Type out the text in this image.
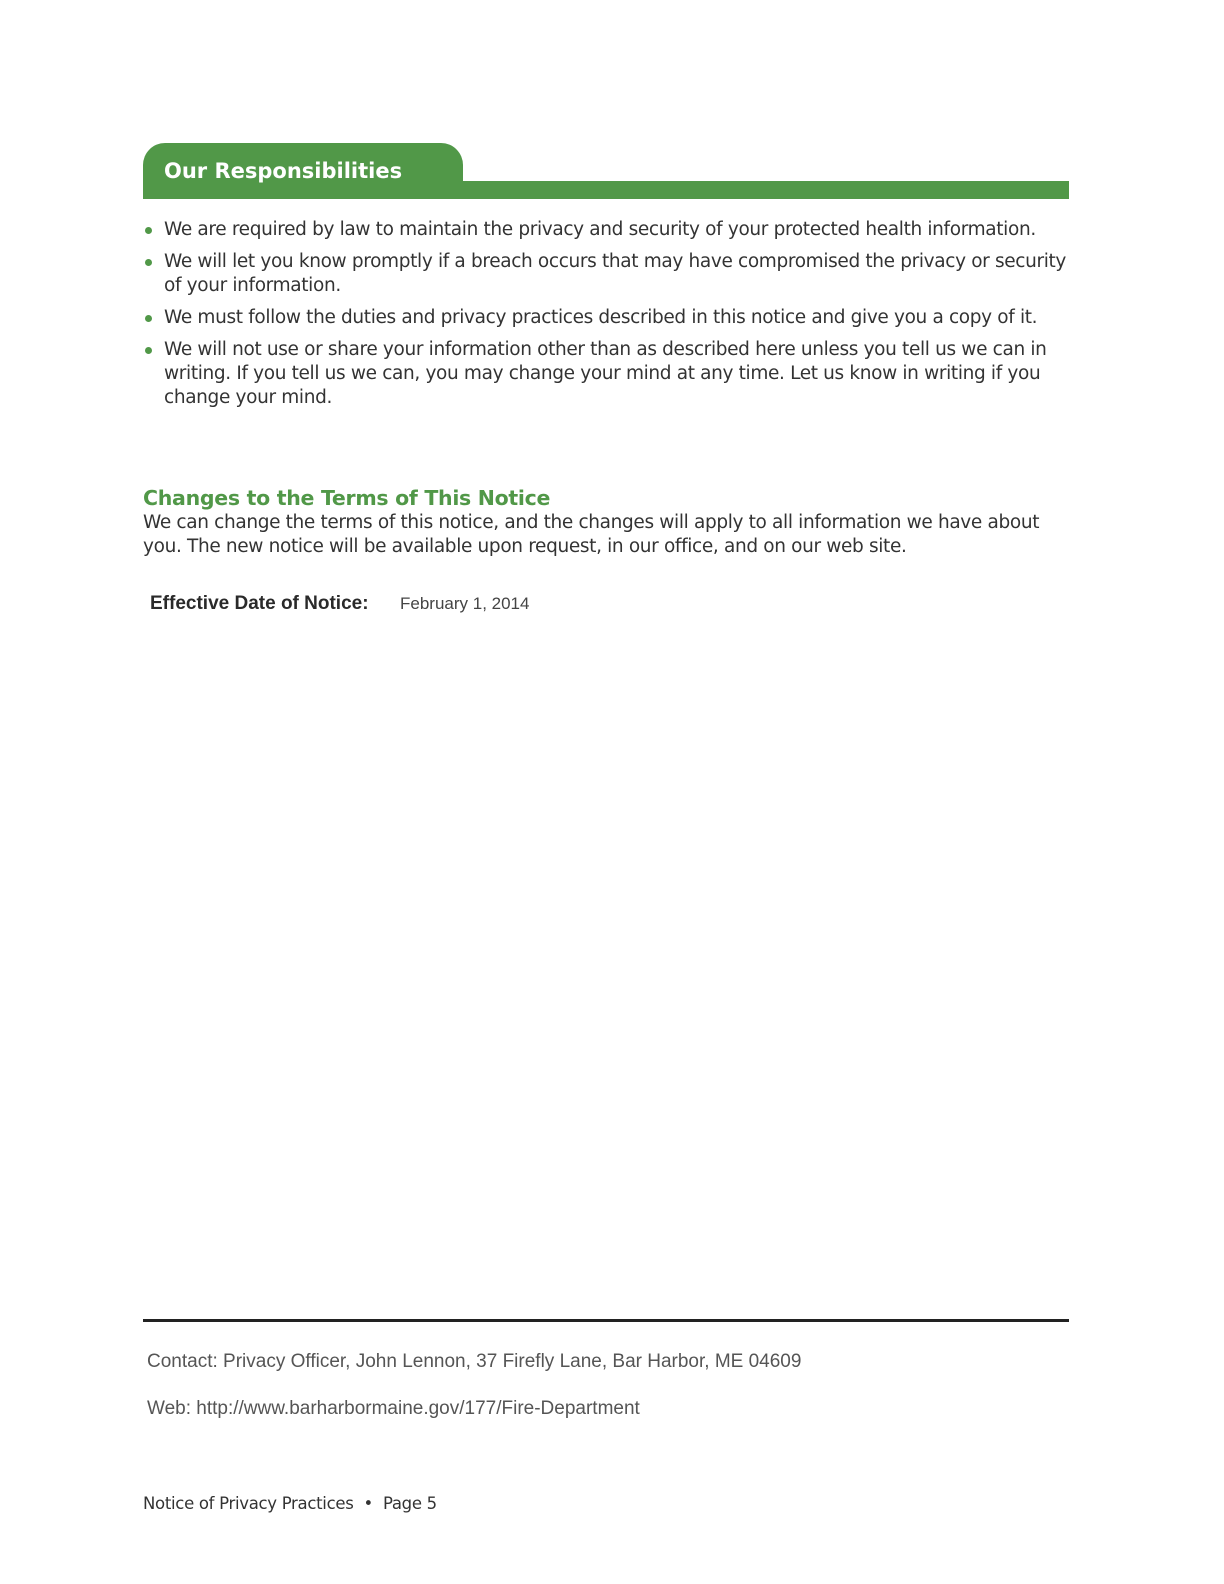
Our Responsibilities
We are required by law to maintain the privacy and security of your protected health information.
We will let you know promptly if a breach occurs that may have compromised the privacy or security of your information.
We must follow the duties and privacy practices described in this notice and give you a copy of it.
We will not use or share your information other than as described here unless you tell us we can in writing. If you tell us we can, you may change your mind at any time. Let us know in writing if you change your mind.
Changes to the Terms of This Notice
We can change the terms of this notice, and the changes will apply to all information we have about you. The new notice will be available upon request, in our office, and on our web site.
Effective Date of Notice: February 1, 2014
Contact: Privacy Officer, John Lennon, 37 Firefly Lane, Bar Harbor, ME 04609
Web: http://www.barharbormaine.gov/177/Fire-Department
Notice of Privacy Practices • Page 5
